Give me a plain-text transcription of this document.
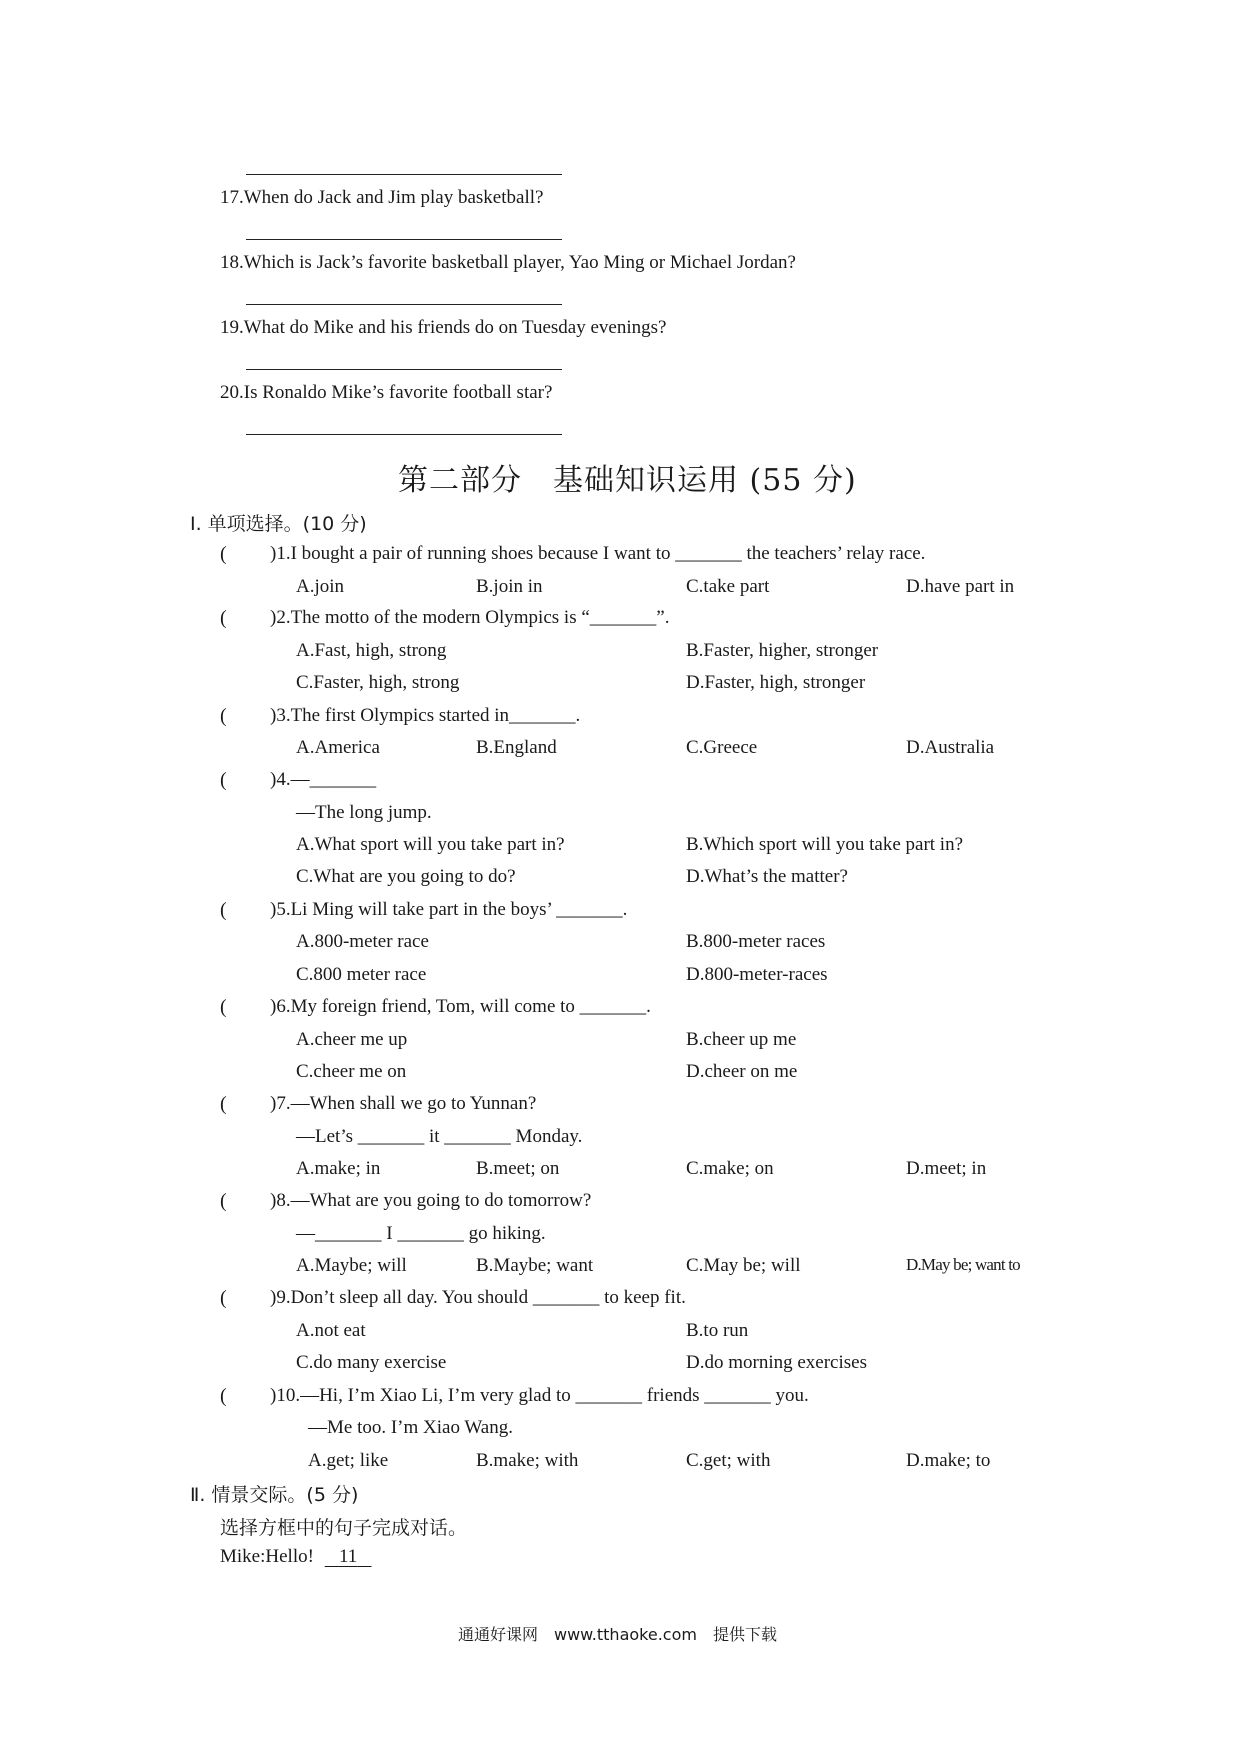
17.When do Jack and Jim play basketball?
18.Which is Jack’s favorite basketball player, Yao Ming or Michael Jordan?
19.What do Mike and his friends do on Tuesday evenings?
20.Is Ronaldo Mike’s favorite football star?
第二部分　基础知识运用 (55 分)
Ⅰ. 单项选择。(10 分)
( )1.I bought a pair of running shoes because I want to _______ the teachers’ relay race.
A.join	B.join in	C.take part	D.have part in
( )2.The motto of the modern Olympics is “_______”.
A.Fast, high, strong	B.Faster, higher, stronger
C.Faster, high, strong	D.Faster, high, stronger
( )3.The first Olympics started in_______.
A.America	B.England	C.Greece	D.Australia
( )4.—_______
—The long jump.
A.What sport will you take part in?	B.Which sport will you take part in?
C.What are you going to do?	D.What’s the matter?
( )5.Li Ming will take part in the boys’ _______.
A.800-meter race	B.800-meter races
C.800 meter race	D.800-meter-races
( )6.My foreign friend, Tom, will come to _______.
A.cheer me up	B.cheer up me
C.cheer me on	D.cheer on me
( )7.—When shall we go to Yunnan?
—Let’s _______ it _______ Monday.
A.make; in	B.meet; on	C.make; on	D.meet; in
( )8.—What are you going to do tomorrow?
—_______ I _______ go hiking.
A.Maybe; will	B.Maybe; want	C.May be; will	D.May be; want to
( )9.Don’t sleep all day. You should _______ to keep fit.
A.not eat	B.to run
C.do many exercise	D.do morning exercises
( )10.—Hi, I’m Xiao Li, I’m very glad to _______ friends _______ you.
—Me too. I’m Xiao Wang.
A.get; like	B.make; with	C.get; with	D.make; to
Ⅱ. 情景交际。(5 分)
选择方框中的句子完成对话。
Mike:Hello! 11
通通好课网　www.tthaoke.com　提供下载
